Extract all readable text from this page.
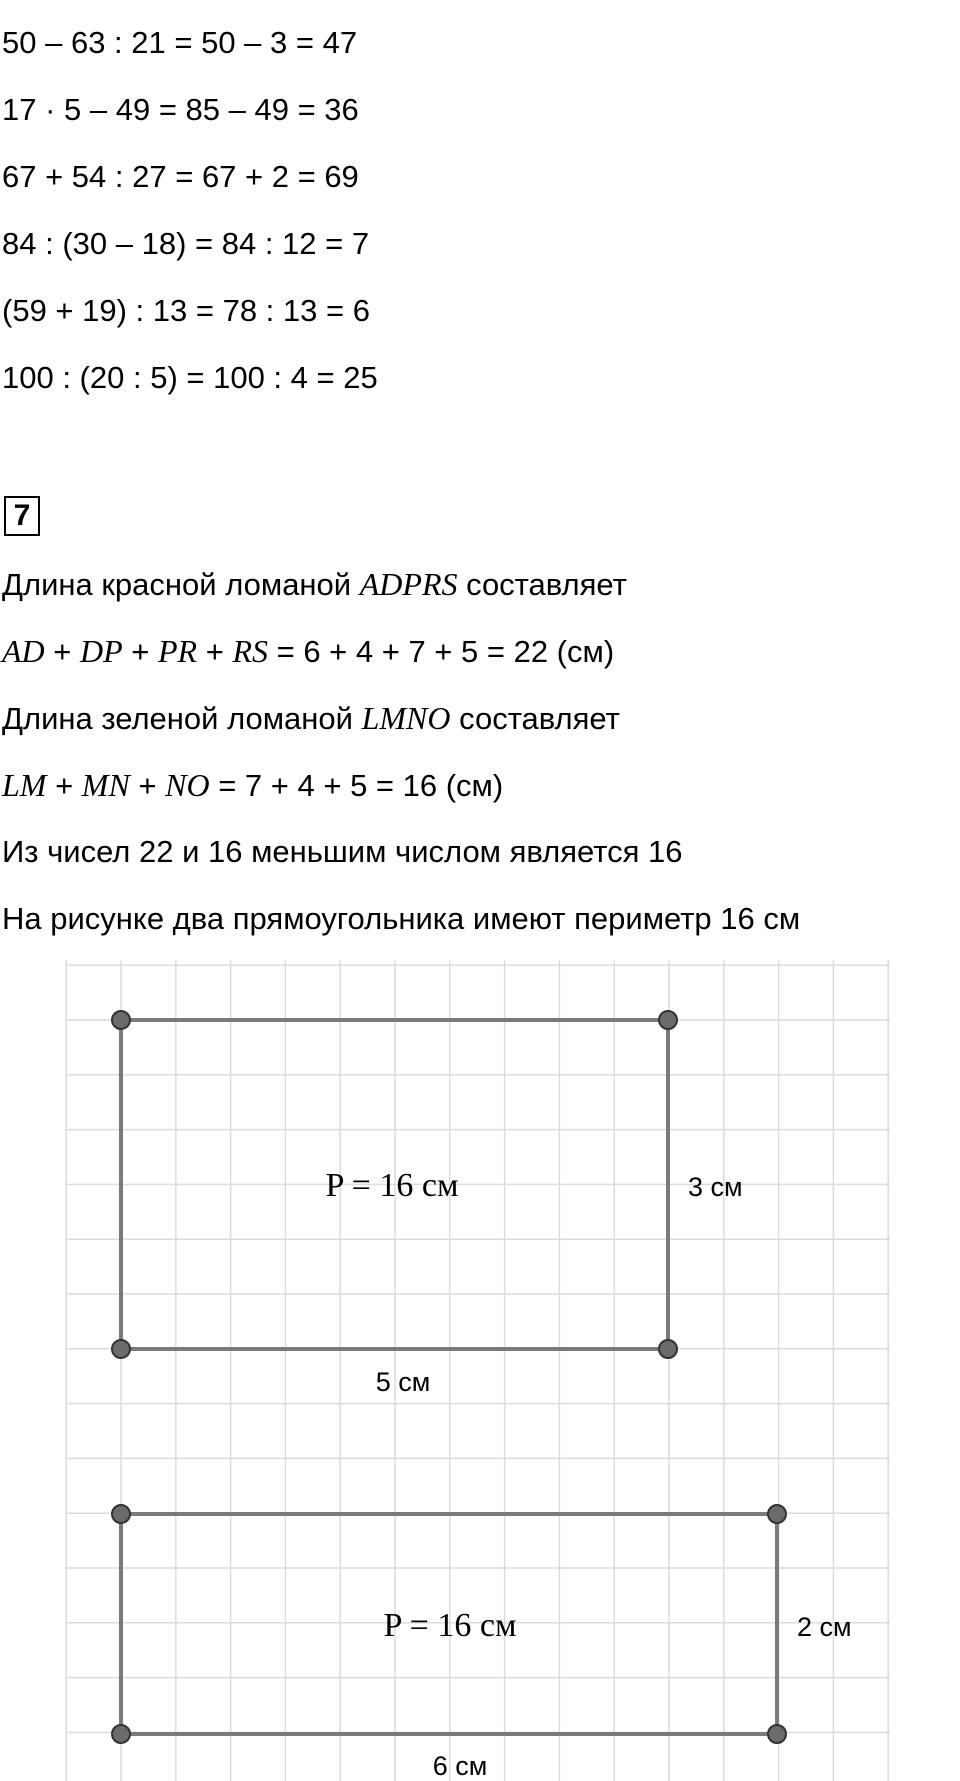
50 – 63 : 21 = 50 – 3 = 47
17 · 5 – 49 = 85 – 49 = 36
67 + 54 : 27 = 67 + 2 = 69
84 : (30 – 18) = 84 : 12 = 7
(59 + 19) : 13 = 78 : 13 = 6
100 : (20 : 5) = 100 : 4 = 25
7
Длина красной ломаной ADPRS составляет
AD + DP + PR + RS = 6 + 4 + 7 + 5 = 22 (см)
Длина зеленой ломаной LMNO составляет
LM + MN + NO = 7 + 4 + 5 = 16 (см)
Из чисел 22 и 16 меньшим числом является 16
На рисунке два прямоугольника имеют периметр 16 см
P = 16 см	3 см
5 см
P = 16 см	2 см
6 см
